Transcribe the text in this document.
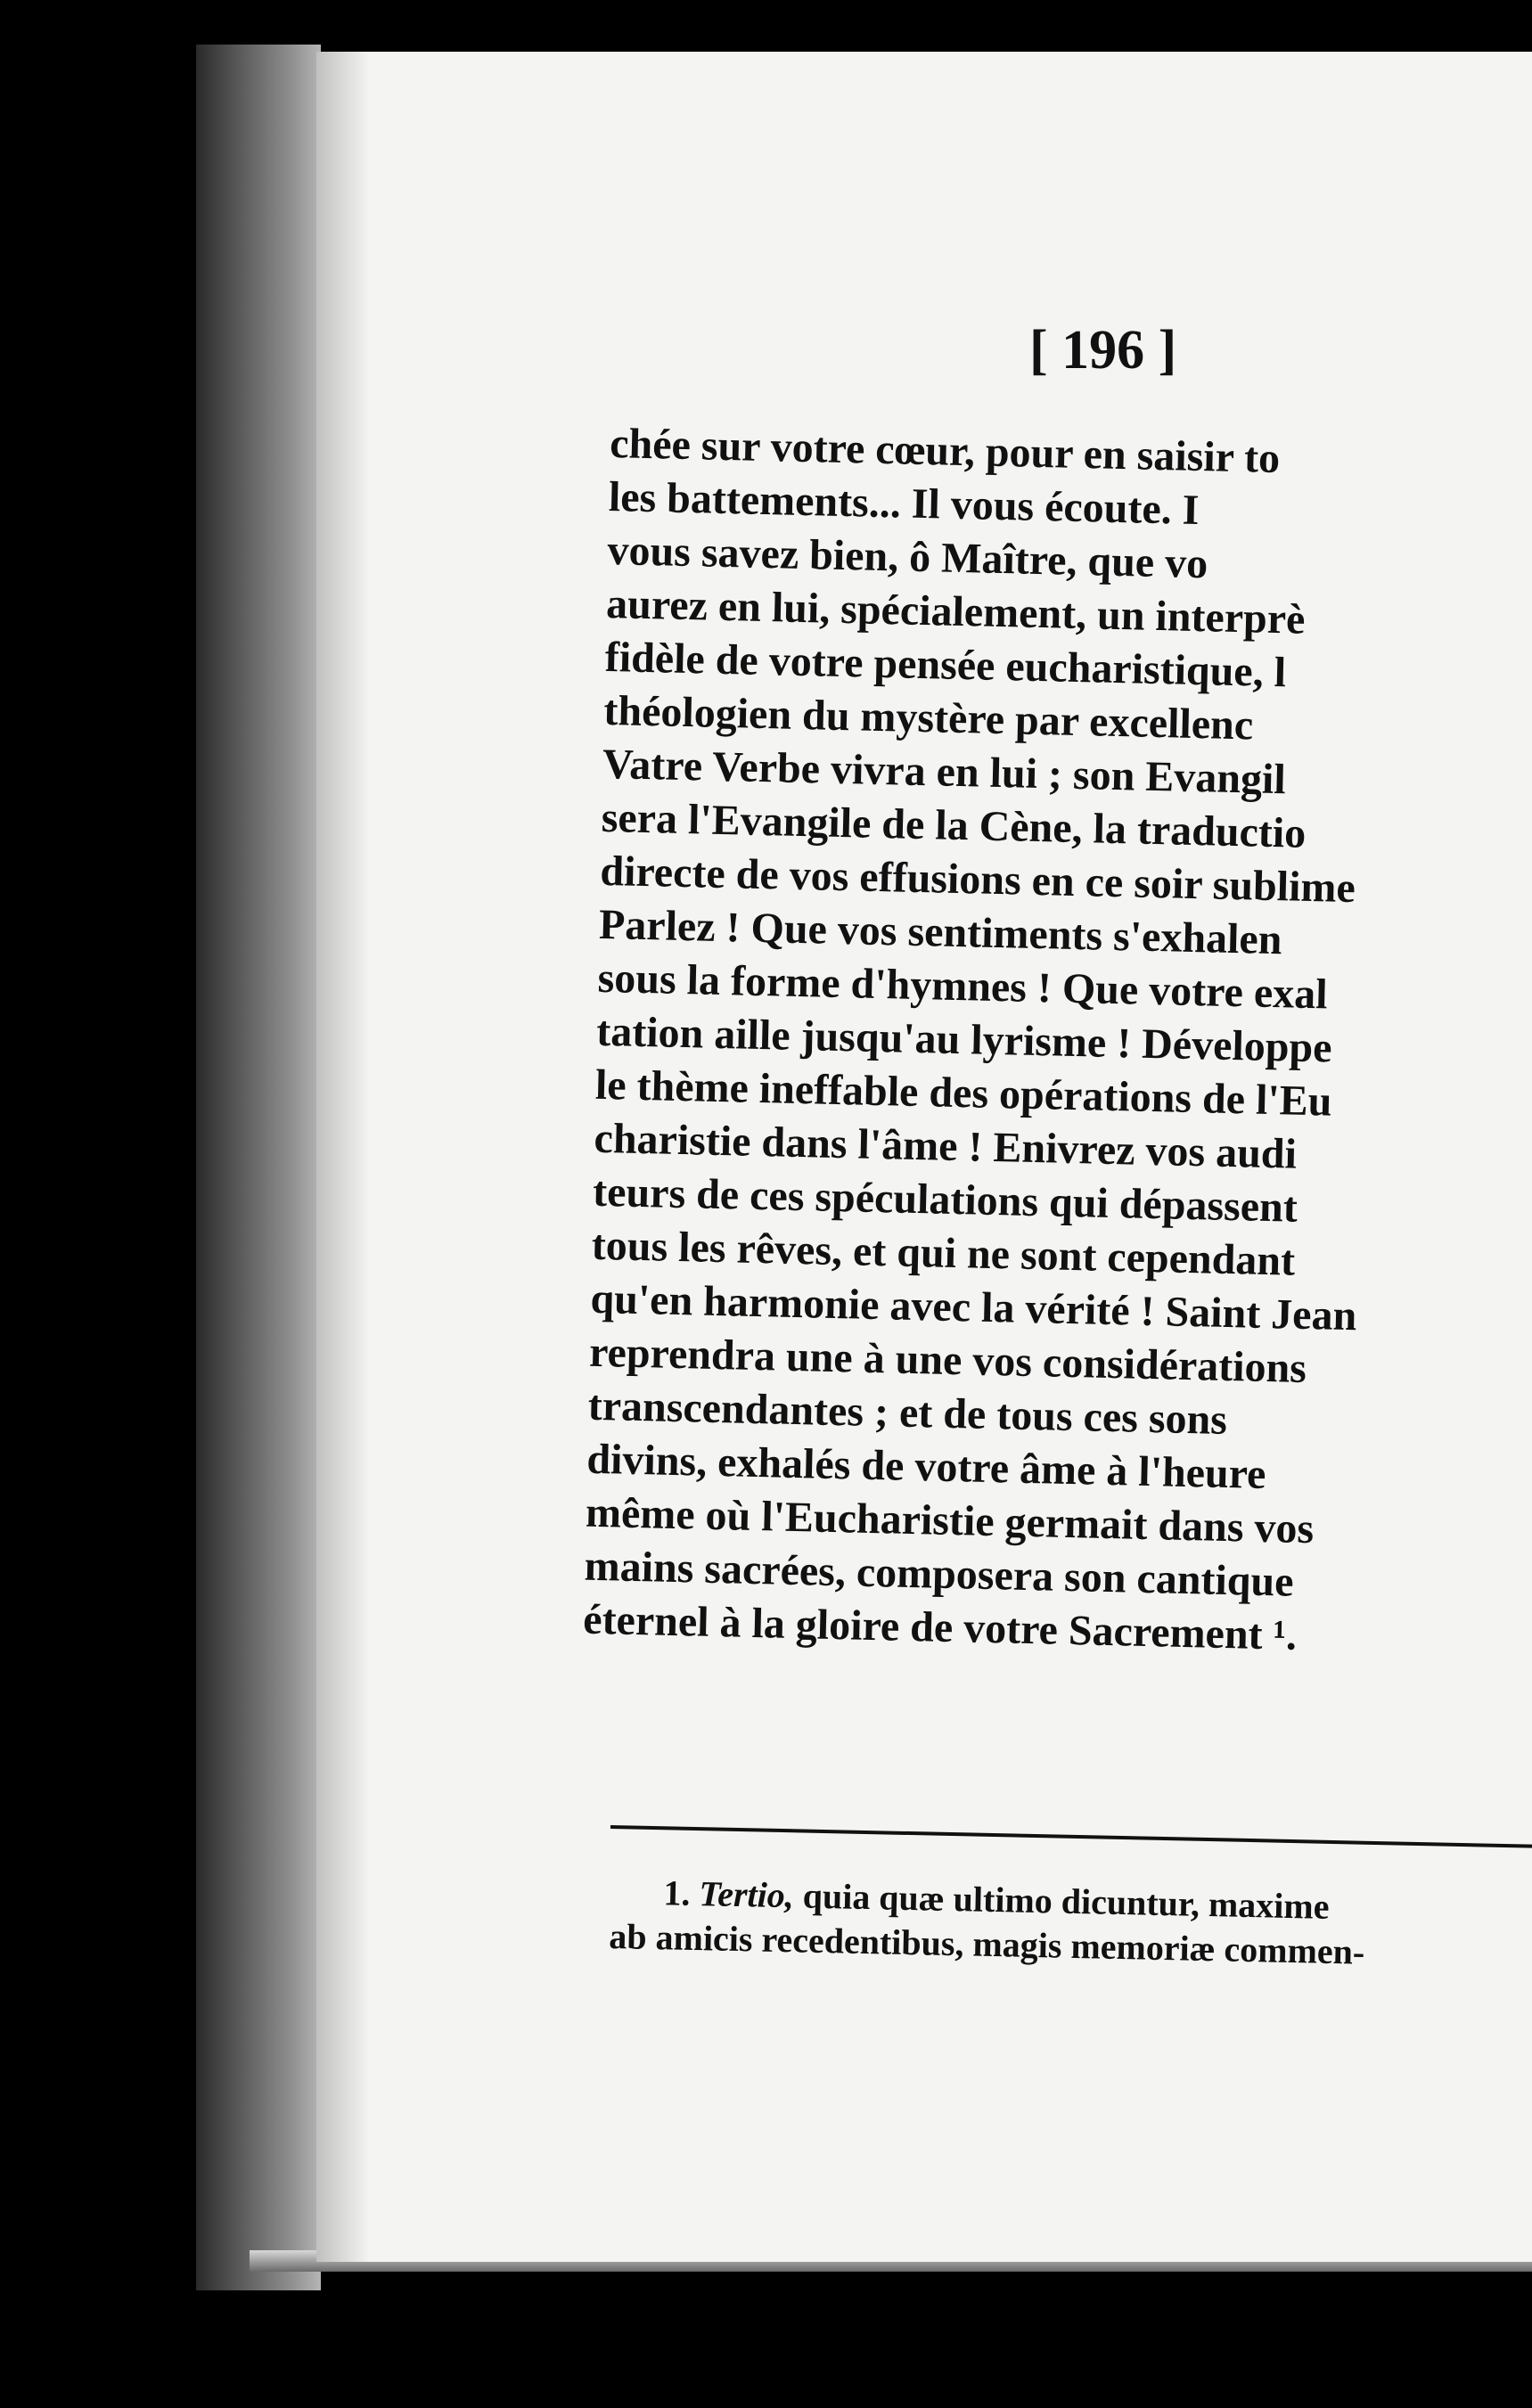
[ 196 ]
chée sur votre cœur, pour en saisir to
les battements... Il vous écoute. I
vous savez bien, ô Maître, que vo
aurez en lui, spécialement, un interprè
fidèle de votre pensée eucharistique, l
théologien du mystère par excellenc
Vatre Verbe vivra en lui ; son Evangil
sera l'Evangile de la Cène, la traductio
directe de vos effusions en ce soir sublime
Parlez ! Que vos sentiments s'exhalen
sous la forme d'hymnes ! Que votre exal
tation aille jusqu'au lyrisme ! Développe
le thème ineffable des opérations de l'Eu
charistie dans l'âme ! Enivrez vos audi
teurs de ces spéculations qui dépassent
tous les rêves, et qui ne sont cependant
qu'en harmonie avec la vérité ! Saint Jean
reprendra une à une vos considérations
transcendantes ; et de tous ces sons
divins, exhalés de votre âme à l'heure
même où l'Eucharistie germait dans vos
mains sacrées, composera son cantique
éternel à la gloire de votre Sacrement ¹.
1. Tertio, quia quæ ultimo dicuntur, maxime
ab amicis recedentibus, magis memoriæ commen-
